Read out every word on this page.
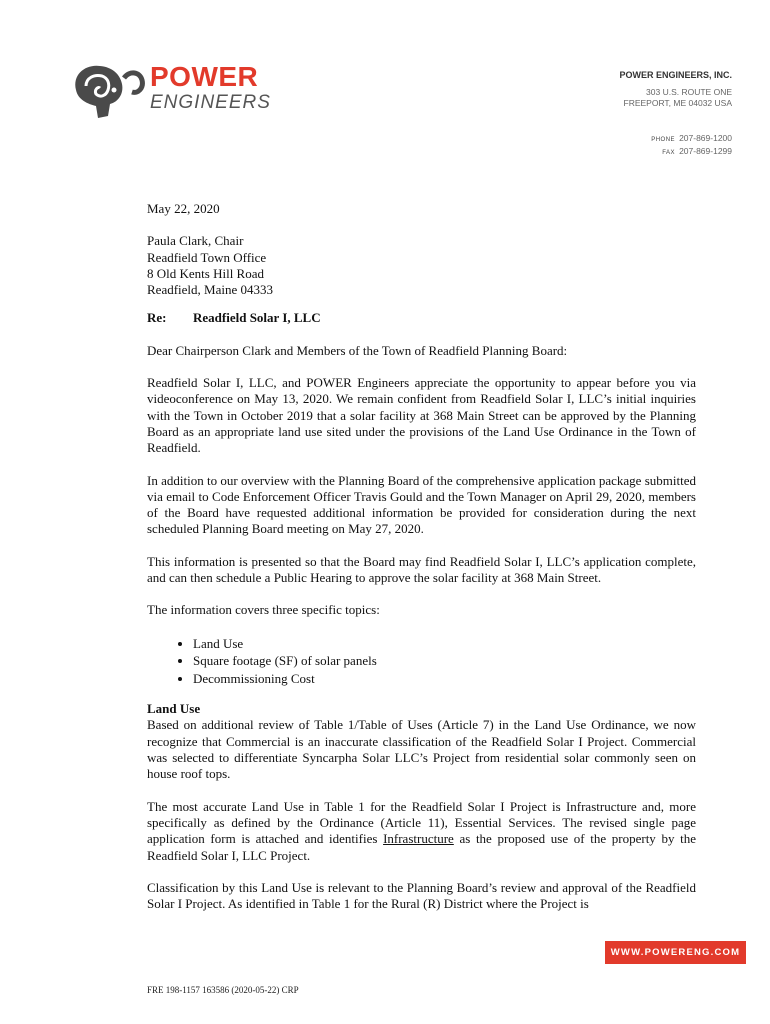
POWER
ENGINEERS
POWER ENGINEERS, INC.
303 U.S. ROUTE ONE
FREEPORT, ME 04032 USA
PHONE 207-869-1200
FAX 207-869-1299
May 22, 2020
Paula Clark, Chair
Readfield Town Office
8 Old Kents Hill Road
Readfield, Maine 04333
Re:	Readfield Solar I, LLC

Dear Chairperson Clark and Members of the Town of Readfield Planning Board:

Readfield Solar I, LLC, and POWER Engineers appreciate the opportunity to appear before you via videoconference on May 13, 2020. We remain confident from Readfield Solar I, LLC’s initial inquiries with the Town in October 2019 that a solar facility at 368 Main Street can be approved by the Planning Board as an appropriate land use sited under the provisions of the Land Use Ordinance in the Town of Readfield.

In addition to our overview with the Planning Board of the comprehensive application package submitted via email to Code Enforcement Officer Travis Gould and the Town Manager on April 29, 2020, members of the Board have requested additional information be provided for consideration during the next scheduled Planning Board meeting on May 27, 2020.

This information is presented so that the Board may find Readfield Solar I, LLC’s application complete, and can then schedule a Public Hearing to approve the solar facility at 368 Main Street.

The information covers three specific topics:

• Land Use
• Square footage (SF) of solar panels
• Decommissioning Cost

Land Use
Based on additional review of Table 1/Table of Uses (Article 7) in the Land Use Ordinance, we now recognize that Commercial is an inaccurate classification of the Readfield Solar I Project. Commercial was selected to differentiate Syncarpha Solar LLC’s Project from residential solar commonly seen on house roof tops.

The most accurate Land Use in Table 1 for the Readfield Solar I Project is Infrastructure and, more specifically as defined by the Ordinance (Article 11), Essential Services. The revised single page application form is attached and identifies Infrastructure as the proposed use of the property by the Readfield Solar I, LLC Project.

Classification by this Land Use is relevant to the Planning Board’s review and approval of the Readfield Solar I Project. As identified in Table 1 for the Rural (R) District where the Project is

WWW.POWERENG.COM
FRE 198-1157 163586 (2020-05-22) CRP
